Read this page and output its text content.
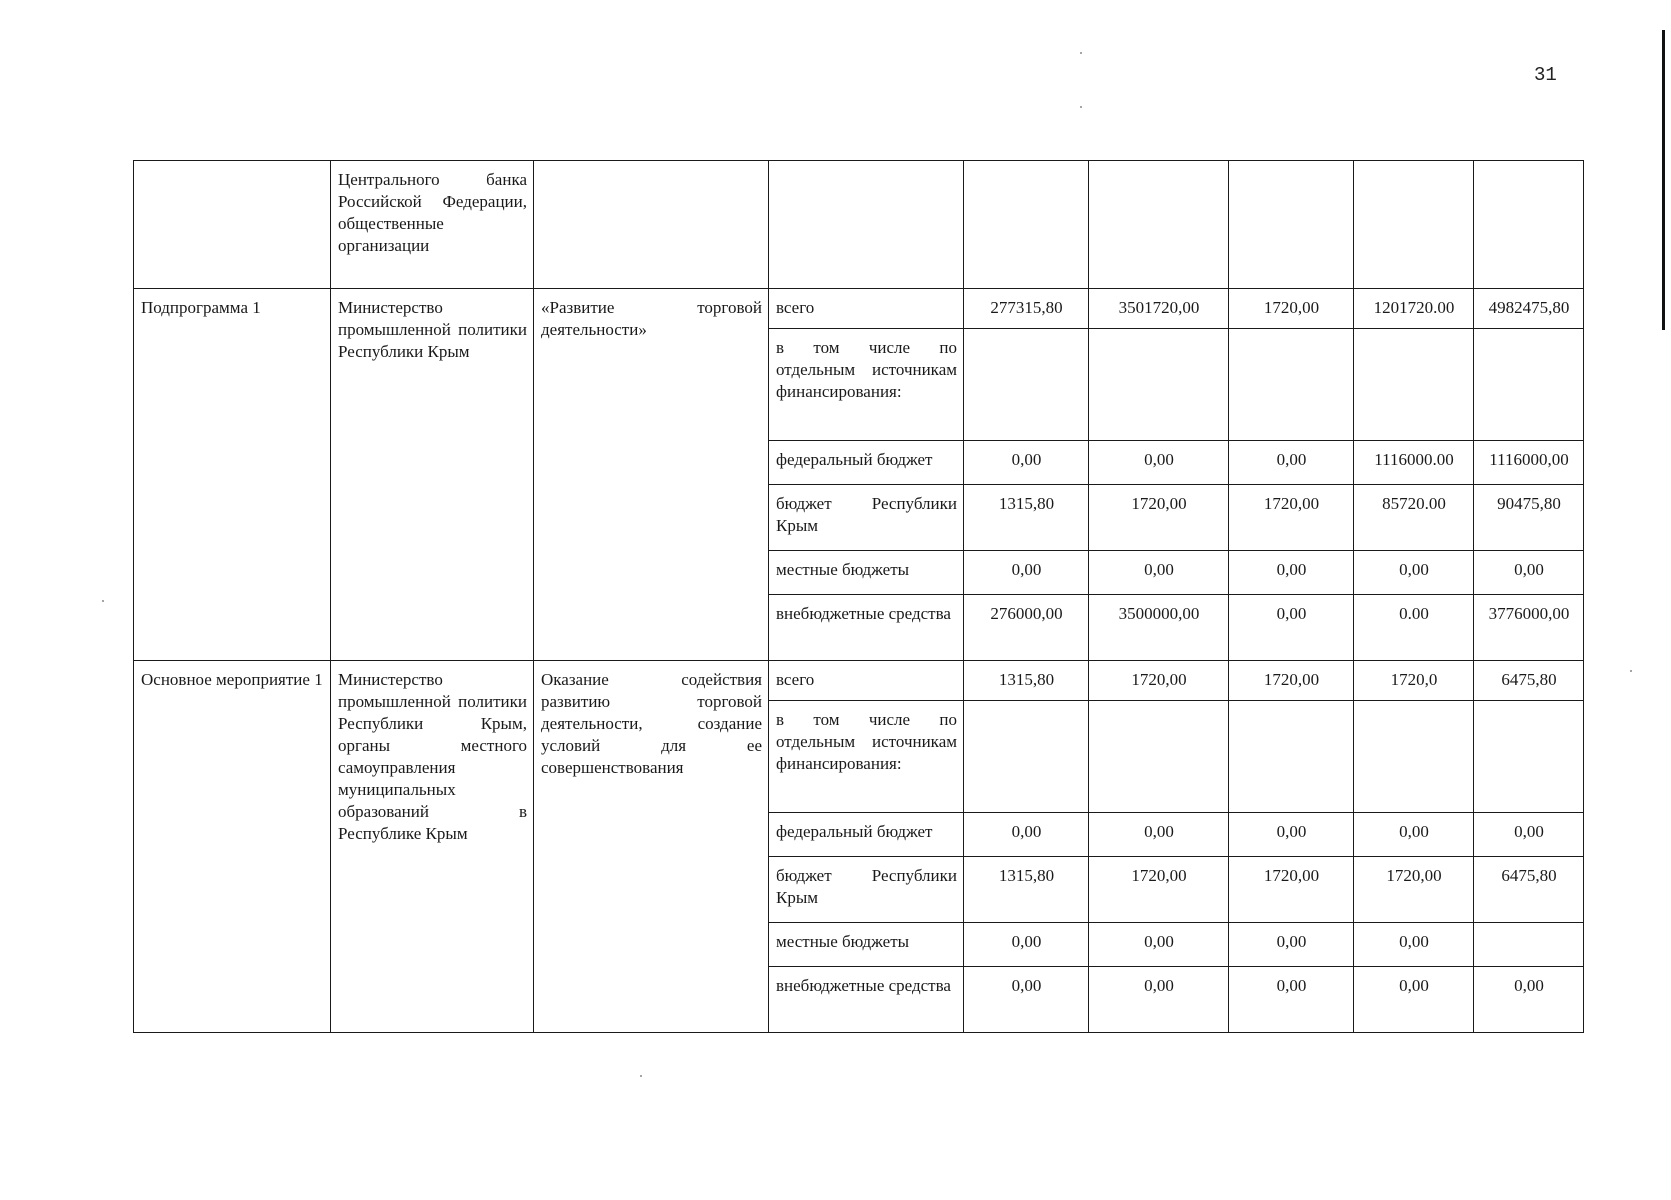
31
	Центрального банка Российской Федерации, общественные организации							
Подпрограмма 1	Министерство промышленной политики Республики Крым	«Развитие торговой деятельности»	всего	277315,80	3501720,00	1720,00	1201720.00	4982475,80
			в том числе по отдельным источникам финансирования:					
			федеральный бюджет	0,00	0,00	0,00	1116000.00	1116000,00
			бюджет Республики Крым	1315,80	1720,00	1720,00	85720.00	90475,80
			местные бюджеты	0,00	0,00	0,00	0,00	0,00
			внебюджетные средства	276000,00	3500000,00	0,00	0.00	3776000,00
Основное мероприятие 1	Министерство промышленной политики Республики Крым, органы местного самоуправления муниципальных образований в Республике Крым	Оказание содействия развитию торговой деятельности, создание условий для ее совершенствования	всего	1315,80	1720,00	1720,00	1720,0	6475,80
			в том числе по отдельным источникам финансирования:					
			федеральный бюджет	0,00	0,00	0,00	0,00	0,00
			бюджет Республики Крым	1315,80	1720,00	1720,00	1720,00	6475,80
			местные бюджеты	0,00	0,00	0,00	0,00	
			внебюджетные средства	0,00	0,00	0,00	0,00	0,00
